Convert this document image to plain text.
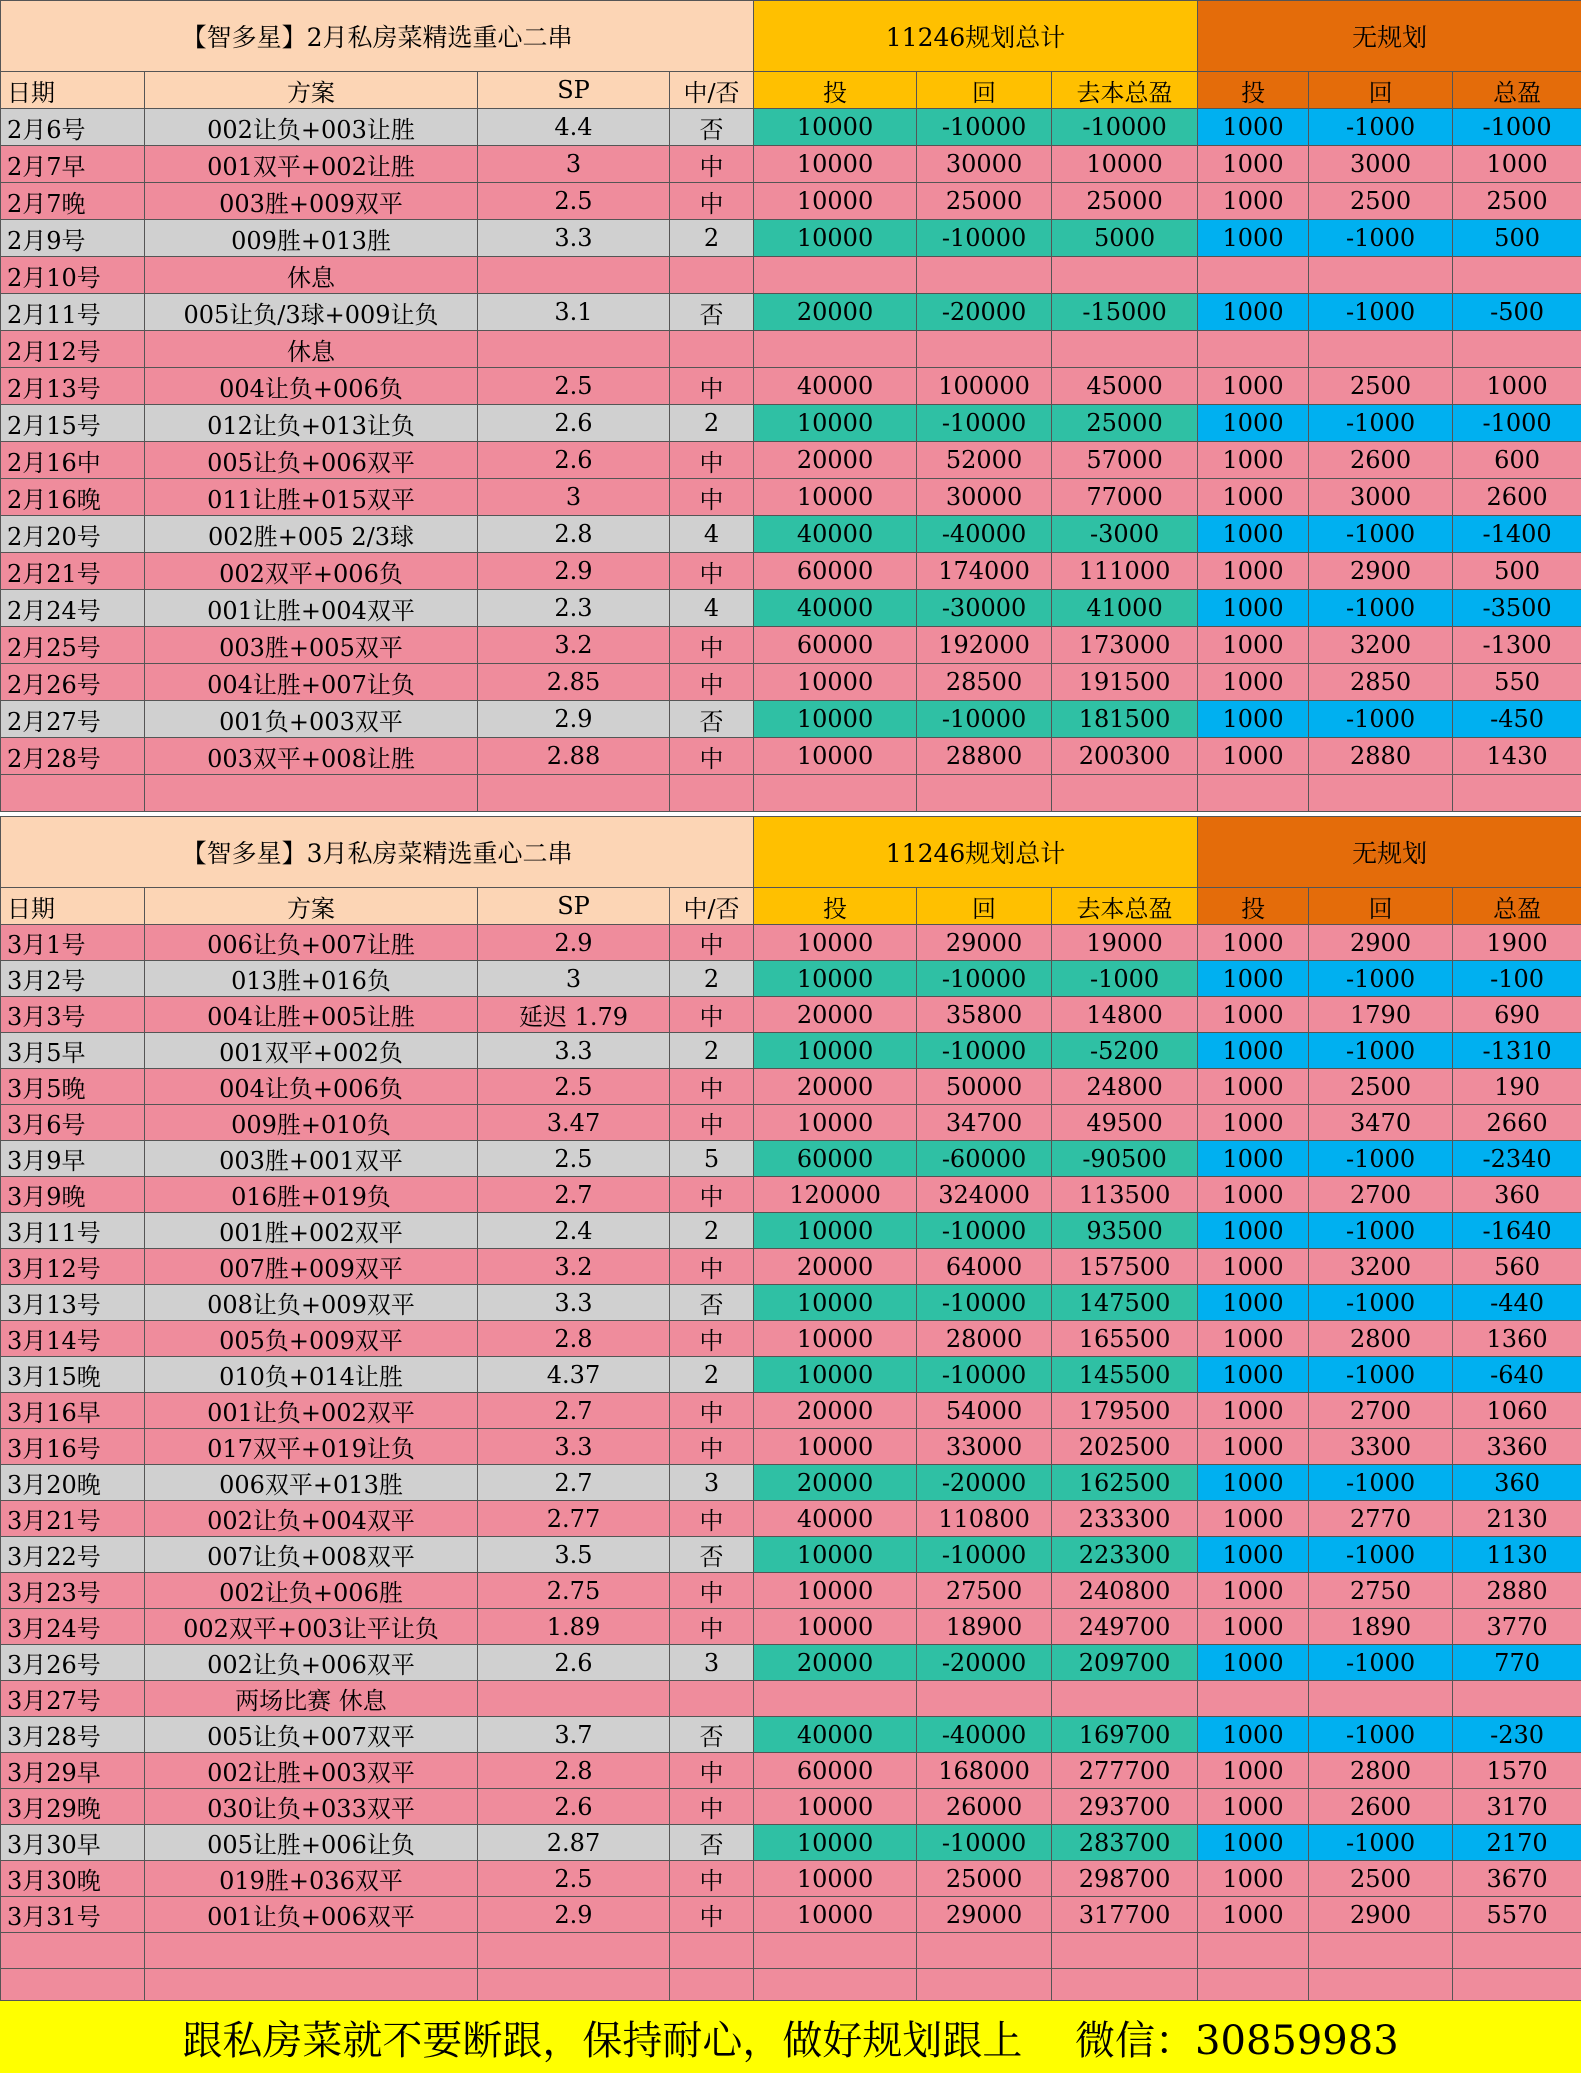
【智多星】2月私房菜精选重心二串				11246规划总计			无规划		
日期	方案	SP	中/否	投	回	去本总盈	投	回	总盈
2月6号	002让负+003让胜	4.4	否	10000	-10000	-10000	1000	-1000	-1000
2月7早	001双平+002让胜	3	中	10000	30000	10000	1000	3000	1000
2月7晚	003胜+009双平	2.5	中	10000	25000	25000	1000	2500	2500
2月9号	009胜+013胜	3.3	2	10000	-10000	5000	1000	-1000	500
2月10号	休息								
2月11号	005让负/3球+009让负	3.1	否	20000	-20000	-15000	1000	-1000	-500
2月12号	休息								
2月13号	004让负+006负	2.5	中	40000	100000	45000	1000	2500	1000
2月15号	012让负+013让负	2.6	2	10000	-10000	25000	1000	-1000	-1000
2月16中	005让负+006双平	2.6	中	20000	52000	57000	1000	2600	600
2月16晚	011让胜+015双平	3	中	10000	30000	77000	1000	3000	2600
2月20号	002胜+005 2/3球	2.8	4	40000	-40000	-3000	1000	-1000	-1400
2月21号	002双平+006负	2.9	中	60000	174000	111000	1000	2900	500
2月24号	001让胜+004双平	2.3	4	40000	-30000	41000	1000	-1000	-3500
2月25号	003胜+005双平	3.2	中	60000	192000	173000	1000	3200	-1300
2月26号	004让胜+007让负	2.85	中	10000	28500	191500	1000	2850	550
2月27号	001负+003双平	2.9	否	10000	-10000	181500	1000	-1000	-450
2月28号	003双平+008让胜	2.88	中	10000	28800	200300	1000	2880	1430

【智多星】3月私房菜精选重心二串				11246规划总计			无规划		
日期	方案	SP	中/否	投	回	去本总盈	投	回	总盈
3月1号	006让负+007让胜	2.9	中	10000	29000	19000	1000	2900	1900
3月2号	013胜+016负	3	2	10000	-10000	-1000	1000	-1000	-100
3月3号	004让胜+005让胜	延迟 1.79	中	20000	35800	14800	1000	1790	690
3月5早	001双平+002负	3.3	2	10000	-10000	-5200	1000	-1000	-1310
3月5晚	004让负+006负	2.5	中	20000	50000	24800	1000	2500	190
3月6号	009胜+010负	3.47	中	10000	34700	49500	1000	3470	2660
3月9早	003胜+001双平	2.5	5	60000	-60000	-90500	1000	-1000	-2340
3月9晚	016胜+019负	2.7	中	120000	324000	113500	1000	2700	360
3月11号	001胜+002双平	2.4	2	10000	-10000	93500	1000	-1000	-1640
3月12号	007胜+009双平	3.2	中	20000	64000	157500	1000	3200	560
3月13号	008让负+009双平	3.3	否	10000	-10000	147500	1000	-1000	-440
3月14号	005负+009双平	2.8	中	10000	28000	165500	1000	2800	1360
3月15晚	010负+014让胜	4.37	2	10000	-10000	145500	1000	-1000	-640
3月16早	001让负+002双平	2.7	中	20000	54000	179500	1000	2700	1060
3月16号	017双平+019让负	3.3	中	10000	33000	202500	1000	3300	3360
3月20晚	006双平+013胜	2.7	3	20000	-20000	162500	1000	-1000	360
3月21号	002让负+004双平	2.77	中	40000	110800	233300	1000	2770	2130
3月22号	007让负+008双平	3.5	否	10000	-10000	223300	1000	-1000	1130
3月23号	002让负+006胜	2.75	中	10000	27500	240800	1000	2750	2880
3月24号	002双平+003让平让负	1.89	中	10000	18900	249700	1000	1890	3770
3月26号	002让负+006双平	2.6	3	20000	-20000	209700	1000	-1000	770
3月27号	两场比赛 休息								
3月28号	005让负+007双平	3.7	否	40000	-40000	169700	1000	-1000	-230
3月29早	002让胜+003双平	2.8	中	60000	168000	277700	1000	2800	1570
3月29晚	030让负+033双平	2.6	中	10000	26000	293700	1000	2600	3170
3月30早	005让胜+006让负	2.87	否	10000	-10000	283700	1000	-1000	2170
3月30晚	019胜+036双平	2.5	中	10000	25000	298700	1000	2500	3670
3月31号	001让负+006双平	2.9	中	10000	29000	317700	1000	2900	5570

跟私房菜就不要断跟，保持耐心，做好规划跟上　 微信：30859983
